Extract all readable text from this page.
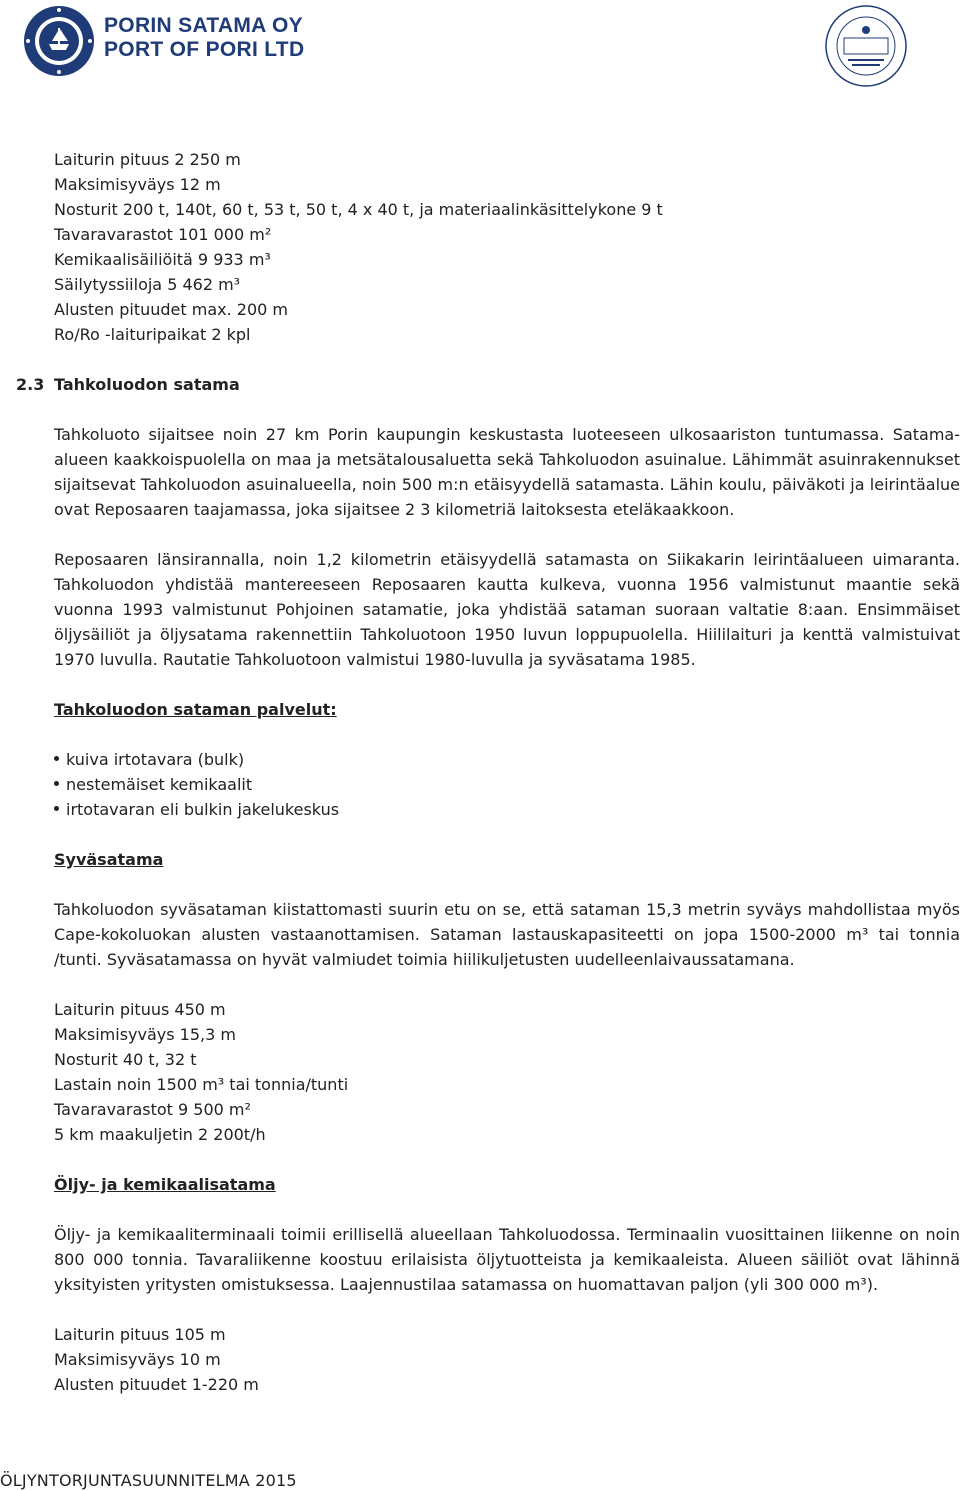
PORIN SATAMA OY
PORT OF PORI LTD
Laiturin pituus 2 250 m
Maksimisyväys 12 m
Nosturit 200 t, 140t, 60 t, 53 t, 50 t, 4 x 40 t, ja materiaalinkäsittelykone 9 t
Tavaravarastot 101 000 m²
Kemikaalisäiliöitä 9 933 m³
Säilytyssiiloja 5 462 m³
Alusten pituudet max. 200 m
Ro/Ro -laituripaikat 2 kpl
2.3 Tahkoluodon satama

Tahkoluoto sijaitsee noin 27 km Porin kaupungin keskustasta luoteeseen ulkosaariston tuntumassa. Satama-alueen kaakkoispuolella on maa ja metsätalousaluetta sekä Tahkoluodon asuinalue. Lähimmät asuinrakennukset sijaitsevat Tahkoluodon asuinalueella, noin 500 m:n etäisyydellä satamasta. Lähin koulu, päiväkoti ja leirintäalue ovat Reposaaren taajamassa, joka sijaitsee 2 3 kilometriä laitoksesta eteläkaakkoon.

Reposaaren länsirannalla, noin 1,2 kilometrin etäisyydellä satamasta on Siikakarin leirintäalueen uimaranta. Tahkoluodon yhdistää mantereeseen Reposaaren kautta kulkeva, vuonna 1956 valmistunut maantie sekä vuonna 1993 valmistunut Pohjoinen satamatie, joka yhdistää sataman suoraan valtatie 8:aan. Ensimmäiset öljysäiliöt ja öljysatama rakennettiin Tahkoluotoon 1950 luvun loppupuolella. Hiililaituri ja kenttä valmistuivat 1970 luvulla. Rautatie Tahkoluotoon valmistui 1980-luvulla ja syväsatama 1985.

Tahkoluodon sataman palvelut:
kuiva irtotavara (bulk)
nestemäiset kemikaalit
irtotavaran eli bulkin jakelukeskus
Syväsatama

Tahkoluodon syväsataman kiistattomasti suurin etu on se, että sataman 15,3 metrin syväys mahdollistaa myös Cape-kokoluokan alusten vastaanottamisen. Sataman lastauskapasiteetti on jopa 1500-2000 m³ tai tonnia /tunti. Syväsatamassa on hyvät valmiudet toimia hiilikuljetusten uudelleenlaivaussatamana.

Laiturin pituus 450 m
Maksimisyväys 15,3 m
Nosturit 40 t, 32 t
Lastain noin 1500 m³ tai tonnia/tunti
Tavaravarastot 9 500 m²
5 km maakuljetin 2 200t/h
Öljy- ja kemikaalisatama

Öljy- ja kemikaaliterminaali toimii erillisellä alueellaan Tahkoluodossa. Terminaalin vuosittainen liikenne on noin 800 000 tonnia. Tavaraliikenne koostuu erilaisista öljytuotteista ja kemikaaleista. Alueen säiliöt ovat lähinnä yksityisten yritysten omistuksessa. Laajennustilaa satamassa on huomattavan paljon (yli 300 000 m³).

Laiturin pituus 105 m
Maksimisyväys 10 m
Alusten pituudet 1-220 m
ÖLJYNTORJUNTASUUNNITELMA 2015
